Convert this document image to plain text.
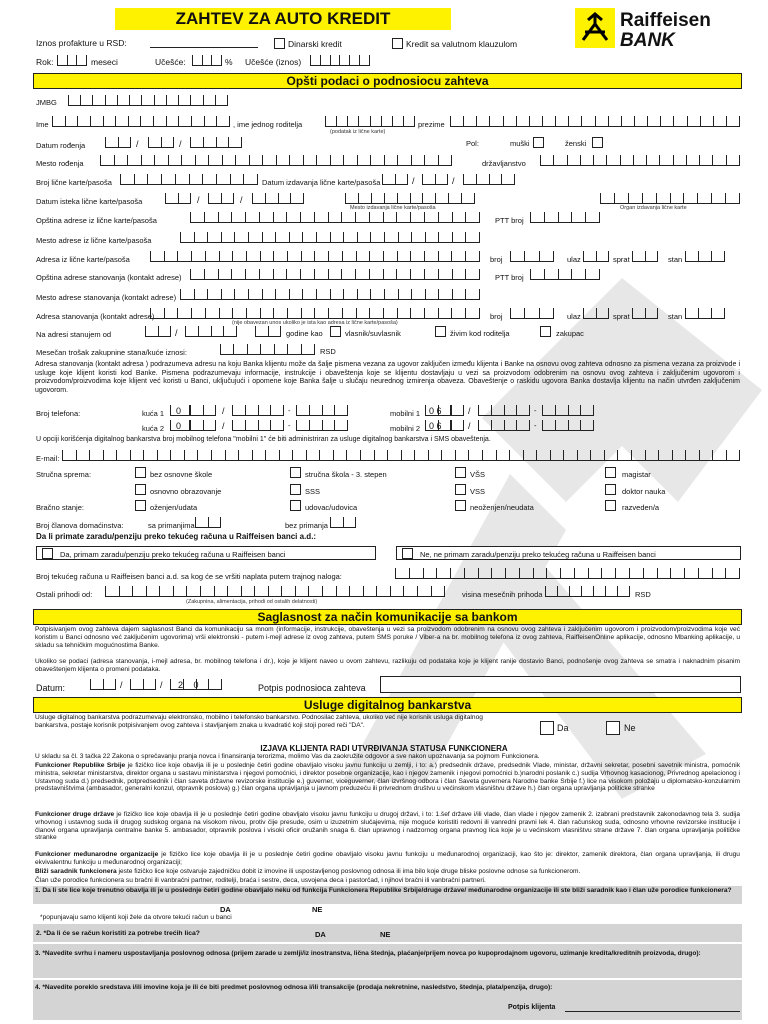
ZAHTEV ZA AUTO KREDIT	Raiffeisen
BANK
Iznos profakture u RSD:	Dinarski kredit	Kredit sa valutnom klauzulom
Rok:	meseci	Učešće:	% Učešće (iznos)
Opšti podaci o podnosiocu zahteva
JMBG
Ime	, ime jednog roditelja
(podatak iz lične karte)
prezime
Datum rođenja	/	/	Pol:	muški	ženski
Mesto rođenja	državljanstvo
Broj lične karte/pasoša	Datum izdavanja lične karte/pasoša	/	/
Datum isteka lične karte/pasoša	/	/
Mesto izdavanja lične karte/pasoša	Organ izdavanja lične karte
Opština adrese iz lične karte/pasoša	PTT broj
Mesto adrese iz lične karte/pasoša
Adresa iz lične karte/pasoša	broj	ulaz	sprat	stan
Opština adrese stanovanja (kontakt adrese)	PTT broj
Mesto adrese stanovanja (kontakt adrese)
Adresa stanovanja (kontakt adrese)
(nije obavezan unos ukoliko je ista kao adresa iz lične karte/pasoša)
broj	ulaz	sprat	stan
Na adresi stanujem od	/	godine kao	vlasnik/suvlasnik	živim kod roditelja	zakupac
Mesečan trošak zakupnine stana/kuće iznosi:	RSD
Adresa stanovanja (kontakt adresa ) podrazumeva adresu na koju Banka klijentu može da šalje pismena vezana za ugovor zaključen između klijenta i Banke na osnovu ovog zahteva odnosno za pismena vezana za proizvode i usluge koje klijent koristi kod Banke. Pismena podrazumevaju informacije, instrukcije i obaveštenja koje se klijentu dostavljaju u vezi sa proizvodom odobrenim na osnovu ovog zahteva i zaključenim ugovorom i proizvodom/proizvodima koje klijent već koristi u Banci, uključujući i opomene koje Banka šalje u slučaju neurednog izmirenja obaveza. Obaveštenje o raskidu ugovora Banka dostavlja klijentu na način utvrđen zaključenim ugovorom.
Broj telefona:	kuća 1 0	/	-
kuća 2 0	/	-
mobilni 1 0 6	/	-
mobilni 2 0 6	/	-
U opciji korišćenja digitalnog bankarstva broj mobilnog telefona "mobilni 1" će biti administriran za usluge digitalnog bankarstva i SMS obaveštenja.
E-mail:
Stručna sprema:	bez osnovne škole	stručna škola - 3. stepen	VŠS	magistar
osnovno obrazovanje	SSS	VSS	doktor nauka
Bračno stanje:	oženjen/udata	udovac/udovica	neoženjen/neudata	razveden/a
Broj članova domaćinstva:	sa primanjima	bez primanja
Da li primate zaradu/penziju preko tekućeg računa u Raiffeisen banci a.d.:
Da, primam zaradu/penziju preko tekućeg računa u Raiffeisen banci	Ne, ne primam zaradu/penziju preko tekućeg računa u Raiffeisen banci
Broj tekućeg računa u Raiffeisen banci a.d. sa kog će se vršiti naplata putem trajnog naloga:
Ostali prihodi od:
(Zakupnina, alimentacija, prihodi od ostalih delatnosti)
visina mesečnih prihoda	RSD
Saglasnost za način komunikacije sa bankom
Potpisivanjem ovog zahteva dajem saglasnost Banci da komunikaciju sa mnom (informacije, instrukcije, obaveštenja u vezi sa proizvodom odobrenim na osnovu ovog zahteva i zaključenim ugovorom i proizvodom/proizvodima koje već koristim u Banci odnosno već zaključenim ugovorima) vrši elektronski - putem i-mejl adrese iz ovog zahteva, putem SMS poruke / Viber-a na br. mobilnog telefona iz ovog zahteva, RaiffeisenOnline aplikacije, odnosno Mbanking aplikacije, u skladu sa tehničkim mogućnostima Banke.
Ukoliko se podaci (adresa stanovanja, i-mejl adresa, br. mobilnog telefona i dr.), koje je klijent naveo u ovom zahtevu, razlikuju od podataka koje je klijent ranije dostavio Banci, podnošenje ovog zahteva se smatra i naknadnim pisanim obaveštenjem klijenta o promeni podataka.
Datum:	/	/ 2 0	Potpis podnosioca zahteva
Usluge digitalnog bankarstva
Usluge digitalnog bankarstva podrazumevaju elektronsko, mobilno i telefonsko bankarstvo. Podnosilac zahteva, ukoliko već nije korisnik usluga digitalnog bankarstva, postaje korisnik potpisivanjem ovog zahteva i stavljanjem znaka u kvadratić koji stoji pored reči "DA".	Da	Ne
IZJAVA KLIJENTA RADI UTVRĐIVANJA STATUSA FUNKCIONERA
U skladu sa čl. 3 tačka 22 Zakona o sprečavanju pranja novca i finansiranja terorizma, molimo Vas da zaokružite odgovor a sve nakon upoznavanja sa pojmom Funkcionera.
Funkcioner Republike Srbije je fizičko lice koje obavlja ili je u poslednje četiri godine obavljalo visoku javnu funkciju u zemlji, i to: a.) predsednik države, predsednik Vlade, ministar, državni sekretar, posebni savetnik ministra, pomoćnik ministra, sekretar ministarstva, direktor organa u sastavu ministarstva i njegovi pomoćnici, i direktor posebne organizacije, kao i njegov zamenik i njegovi pomoćnici b.)narodni poslanik c.) sudija Vrhovnog kasacionog, Privrednog apelacionog i Ustavnog suda d.) predsednik, potpredsednik i član saveta državne revizorske institucije e.) guverner, viceguverner, član izvršnog odbora i član Saveta guvernera Narodne banke Srbije f.) lice na visokom položaju u diplomatsko-konzularnim predstavništvima (ambasador, generalni konzul, otpravnik poslova) g.) član organa upravljanja u javnom preduzeću ili privrednom društvu u većinskom vlasništvu države h.) član organa upravljanja politicke stranke
Funkcioner druge države je fizičko lice koje obavlja ili je u poslednje četiri godine obavljalo visoku javnu funkciju u drugoj državi, i to: 1.šef države i/ili vlade, član vlade i njegov zamenik 2. izabrani predstavnik zakonodavnog tela 3. sudija vrhovnog i ustavnog suda ili drugog sudskog organa na visokom nivou, protiv čije presude, osim u izuzetnim slučajevima, nije moguće koristiti redovni ili vanredni pravni lek 4. član računskog suda, odnosno vrhovne revizorske institucije i članovi organa upravljanja centralne banke 5. ambasador, otpravnik poslova i visoki oficir oružanih snaga 6. član upravnog i nadzornog organa pravnog lica koje je u većinskom vlasništvu strane države 7. član organa upravljanja političke stranke
Funkcioner međunarodne organizacije je fizičko lice koje obavlja ili je u poslednje četiri godine obavljalo visoku javnu funkciju u međunarodnoj organizaciji, kao što je: direktor, zamenik direktora, član organa upravljanja, ili drugu ekvivalentnu funkciju u međunarodnoj organizaciji;
Bliži saradnik funkcionera jeste fizičko lice koje ostvaruje zajedničku dobit iz imovine ili uspostavljenog poslovnog odnosa ili ima bilo koje druge bliske poslovne odnose sa funkcionerom.
Član uže porodice funkcionera su bračni ili vanbračni partner, roditelji, braća i sestre, deca, usvojena deca i pastorčad, i njihovi bračni ili vanbračni partneri.
1. Da li ste lice koje trenutno obavlja ili je u poslednje četiri godine obavljalo neku od funkcija Funkcionera Republike Srbije/druge države/ međunarodne organizacije ili ste bliži saradnik kao i član uže porodice funkcionera?
DA	NE
*popunjavaju samo klijenti koji žele da otvore tekući račun u banci
2. *Da li će se račun koristiti za potrebe trećih lica?	DA	NE
3. *Navedite svrhu i nameru uspostavljanja poslovnog odnosa (prijem zarade u zemlji/iz inostranstva, lična štednja, plaćanje/prijem novca po kupoprodajnom ugovoru, uzimanje kredita/kreditnih proizvoda, drugo):
4. *Navedite poreklo sredstava i/ili imovine koja je ili će biti predmet poslovnog odnosa i/ili transakcije (prodaja nekretnine, nasledstvo, štednja, plata/penzija, drugo):
Potpis klijenta
